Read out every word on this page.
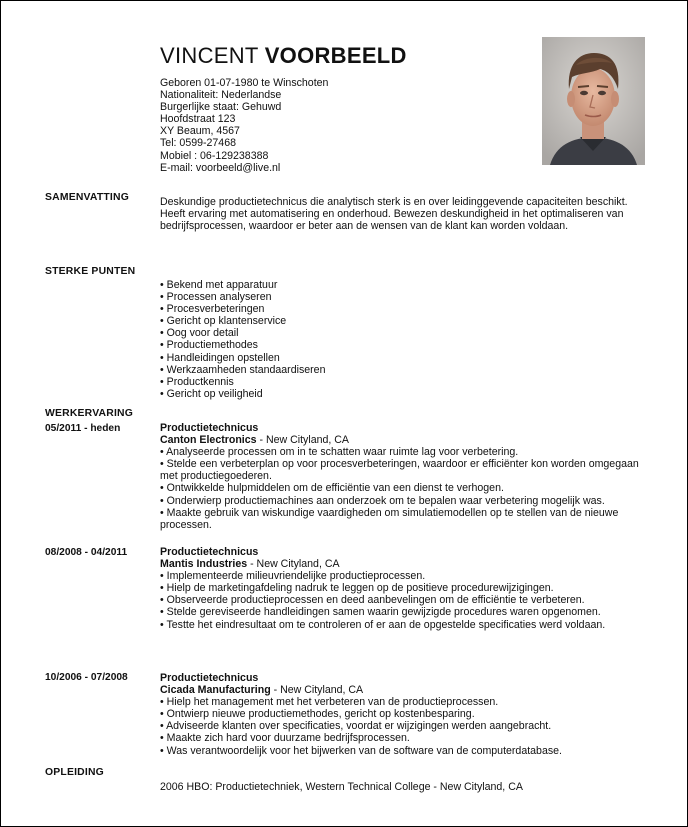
VINCENT VOORBEELD
Geboren 01-07-1980 te Winschoten
Nationaliteit: Nederlandse
Burgerlijke staat: Gehuwd
Hoofdstraat 123
XY Beaum, 4567
Tel: 0599-27468
Mobiel : 06-129238388
E-mail: voorbeeld@live.nl
SAMENVATTING	Deskundige productietechnicus die analytisch sterk is en over leidinggevende capaciteiten beschikt. Heeft ervaring met automatisering en onderhoud. Bewezen deskundigheid in het optimaliseren van bedrijfsprocessen, waardoor er beter aan de wensen van de klant kan worden voldaan.
STERKE PUNTEN
• Bekend met apparatuur
• Processen analyseren
• Procesverbeteringen
• Gericht op klantenservice
• Oog voor detail
• Productiemethodes
• Handleidingen opstellen
• Werkzaamheden standaardiseren
• Productkennis
• Gericht op veiligheid
WERKERVARING
05/2011 - heden	Productietechnicus
Canton Electronics - New Cityland, CA
• Analyseerde processen om in te schatten waar ruimte lag voor verbetering.
• Stelde een verbeterplan op voor procesverbeteringen, waardoor er efficiënter kon worden omgegaan met productiegoederen.
• Ontwikkelde hulpmiddelen om de efficiëntie van een dienst te verhogen.
• Onderwierp productiemachines aan onderzoek om te bepalen waar verbetering mogelijk was.
• Maakte gebruik van wiskundige vaardigheden om simulatiemodellen op te stellen van de nieuwe processen.
08/2008 - 04/2011	Productietechnicus
Mantis Industries - New Cityland, CA
• Implementeerde milieuvriendelijke productieprocessen.
• Hielp de marketingafdeling nadruk te leggen op de positieve procedurewijzigingen.
• Observeerde productieprocessen en deed aanbevelingen om de efficiëntie te verbeteren.
• Stelde gereviseerde handleidingen samen waarin gewijzigde procedures waren opgenomen.
• Testte het eindresultaat om te controleren of er aan de opgestelde specificaties werd voldaan.
10/2006 - 07/2008	Productietechnicus
Cicada Manufacturing - New Cityland, CA
• Hielp het management met het verbeteren van de productieprocessen.
• Ontwierp nieuwe productiemethodes, gericht op kostenbesparing.
• Adviseerde klanten over specificaties, voordat er wijzigingen werden aangebracht.
• Maakte zich hard voor duurzame bedrijfsprocessen.
• Was verantwoordelijk voor het bijwerken van de software van de computerdatabase.
OPLEIDING
2006 HBO: Productietechniek, Western Technical College - New Cityland, CA
